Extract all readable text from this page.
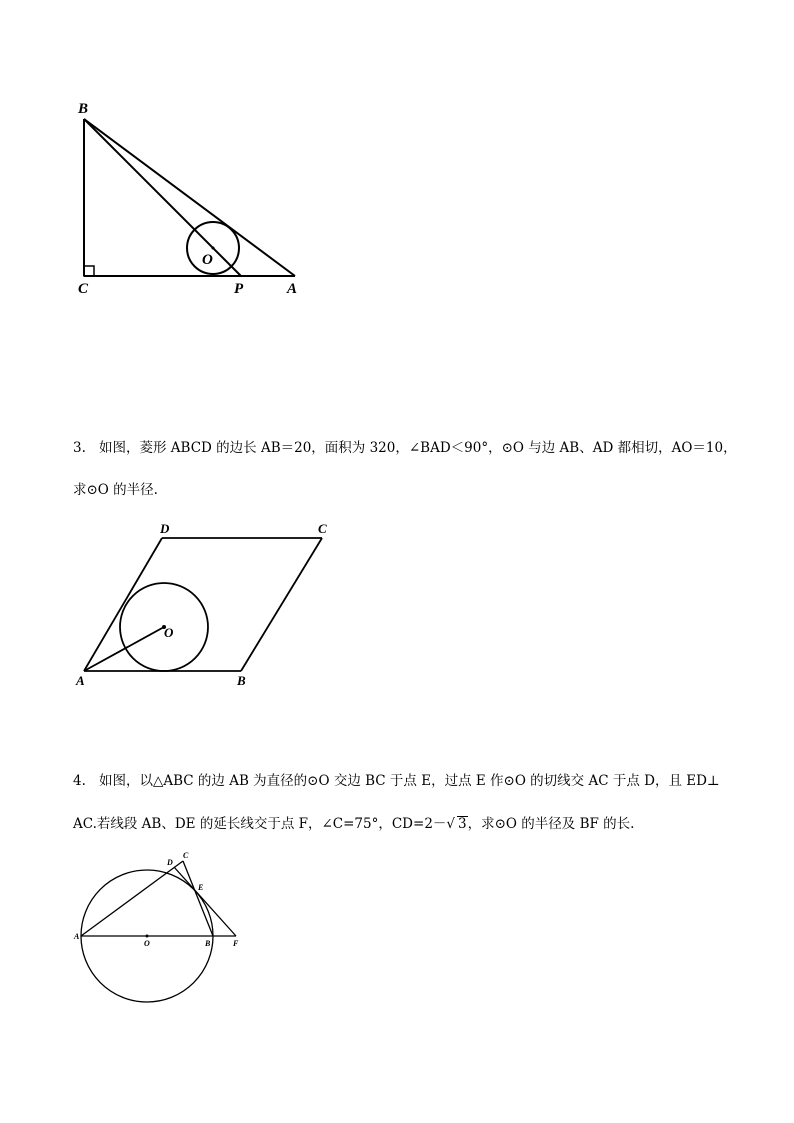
B
C
O
P	A
D	C
O
A	B
D
C
E
A
O	B	F
3. 如图，菱形 ABCD 的边长 AB＝20，面积为 320，∠BAD＜90°，⊙O 与边 AB、AD 都相切，AO＝10，
求⊙O 的半径.
4. 如图，以△ABC 的边 AB 为直径的⊙O 交边 BC 于点 E，过点 E 作⊙O 的切线交 AC 于点 D，且 ED⊥
AC.若线段 AB、DE 的延长线交于点 F，∠C=75°，CD=2－√ 3，求⊙O 的半径及 BF 的长.
